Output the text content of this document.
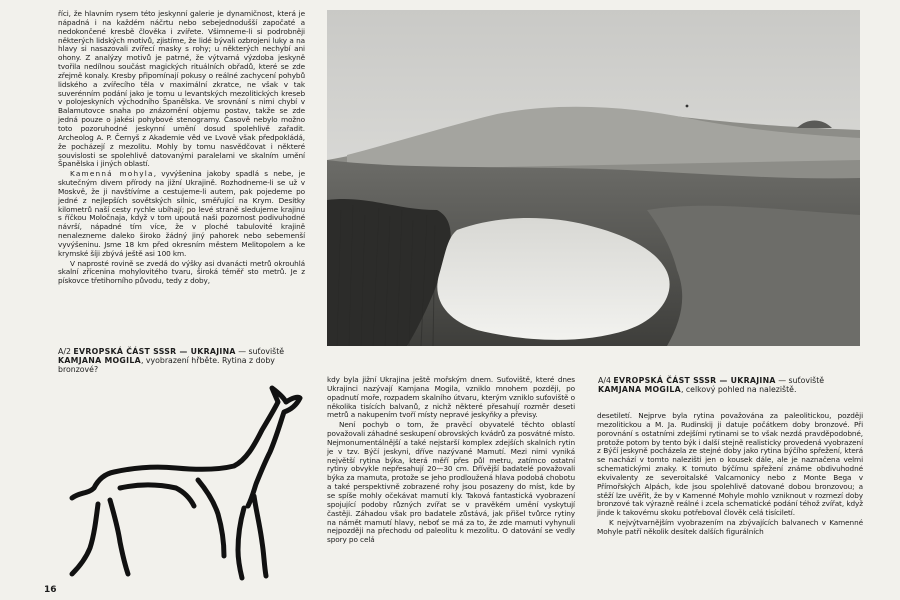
říci, že hlavním rysem této jeskynní galerie je dynamičnost, která je nápadná i na každém náčrtu nebo sebejednodušší započaté a nedokončené kresbě člověka i zvířete. Všimneme-li si podrobněji některých lidských motivů, zjistíme, že lidé bývali ozbrojeni luky a na hlavy si nasazovali zvířecí masky s rohy; u některých nechybí ani ohony. Z analýzy motivů je patrné, že výtvarná výzdoba jeskyně tvořila nedílnou součást magických rituálních obřadů, které se zde zřejmě konaly. Kresby připomínají pokusy o reálné zachycení pohybů lidského a zvířecího těla v maximální zkratce, ne však v tak suverénním podání jako je tomu u levantských mezolitických kreseb v polojeskyních východního Španělska. Ve srovnání s nimi chybí v Balamutovce snaha po znázornění objemu postav, takže se zde jedná pouze o jakési pohybové stenogramy. Časově nebylo možno toto pozoruhodné jeskynní umění dosud spolehlivě zařadit. Archeolog A. P. Černyš z Akademie věd ve Lvově však předpokládá, že pocházejí z mezolitu. Mohly by tomu nasvědčovat i některé souvislosti se spolehlivě datovanými paralelami ve skalním umění Španělska i jiných oblastí.

Kamenná mohyla, vyvýšenina jakoby spadlá s nebe, je skutečným divem přírody na jižní Ukrajině. Rozhodneme-li se už v Moskvě, že ji navštívíme a cestujeme-li autem, pak pojedeme po jedné z nejlepších sovětských silnic, směřující na Krym. Desítky kilometrů naší cesty rychle ubíhají; po levé straně sledujeme krajinu s říčkou Moločnaja, když v tom upoutá naši pozornost podivuhodné návrší, nápadné tím více, že v ploché tabulovité krajině nenalezneme daleko široko žádný jiný pahorek nebo sebemenší vyvýšeninu. Jsme 18 km před okresním městem Melitopolem a ke krymské šíji zbývá ještě asi 100 km.

V naprosté rovině se zvedá do výšky asi dvanácti metrů okrouhlá skalní zřícenina mohylovitého tvaru, široká téměř sto metrů. Je z pískovce třetihorního původu, tedy z doby,

A/2 EVROPSKÁ ČÁST SSSR — UKRAJINA — suťoviště KAMJANA MOGILA, vyobrazení hřběte. Rytina z doby bronzové?

kdy byla jižní Ukrajina ještě mořským dnem. Suťoviště, které dnes Ukrajinci nazývají Kamjana Mogila, vzniklo mnohem později, po opadnutí moře, rozpadem skalního útvaru, kterým vzniklo suťoviště o několika tisících balvanů, z nichž některé přesahují rozměr deseti metrů a nakupením tvoří místy nepravé jeskyňky a převisy.

Není pochyb o tom, že pravěcí obyvatelé těchto oblastí považovali záhadné seskupení obrovských kvádrů za posvátné místo. Nejmonumentálnější a také nejstarší komplex zdejších skalních rytin je v tzv. Býčí jeskyni, dříve nazývané Mamutí. Mezi nimi vyniká největší rytina býka, která měří přes půl metru, zatímco ostatní rytiny obvykle nepřesahují 20—30 cm. Dřívější badatelé považovali býka za mamuta, protože se jeho prodloužená hlava podobá chobotu a také perspektivně zobrazené rohy jsou posazeny do míst, kde by se spíše mohly očekávat mamutí kly. Taková fantastická vyobrazení spojující podoby různých zvířat se v pravěkém umění vyskytují častěji. Záhadou však pro badatele zůstává, jak přišel tvůrce rytiny na námět mamutí hlavy, neboť se má za to, že zde mamuti vyhynuli nejpozději na přechodu od paleolitu k mezolitu. O datování se vedly spory po celá

A/4 EVROPSKÁ ČÁST SSSR — UKRAJINA — suťoviště KAMJANA MOGILA, celkový pohled na naleziště.

desetiletí. Nejprve byla rytina považována za paleolitickou, později mezolitickou a M. Ja. Rudinskij ji datuje počátkem doby bronzové. Při porovnání s ostatními zdejšími rytinami se to však nezdá pravděpodobné, protože potom by tento býk i další stejně realisticky provedená vyobrazení z Býčí jeskyně pocházela ze stejné doby jako rytina býčího spřežení, která se nachází v tomto nalezišti jen o kousek dále, ale je naznačena velmi schematickými znaky. K tomuto býčímu spřežení známe obdivuhodné ekvivalenty ze severoitalské Valcamonicy nebo z Monte Bega v Přímořských Alpách, kde jsou spolehlivě datované dobou bronzovou; a stěží lze uvěřit, že by v Kamenné Mohyle mohlo vzniknout v rozmezí doby bronzové tak výrazně reálné i zcela schematické podání téhož zvířat, když jinde k takovému skoku potřeboval člověk celá tisíciletí.

K nejvýtvarnějším vyobrazením na zbývajících balvanech v Kamenné Mohyle patří několik desítek dalších figurálních

16
